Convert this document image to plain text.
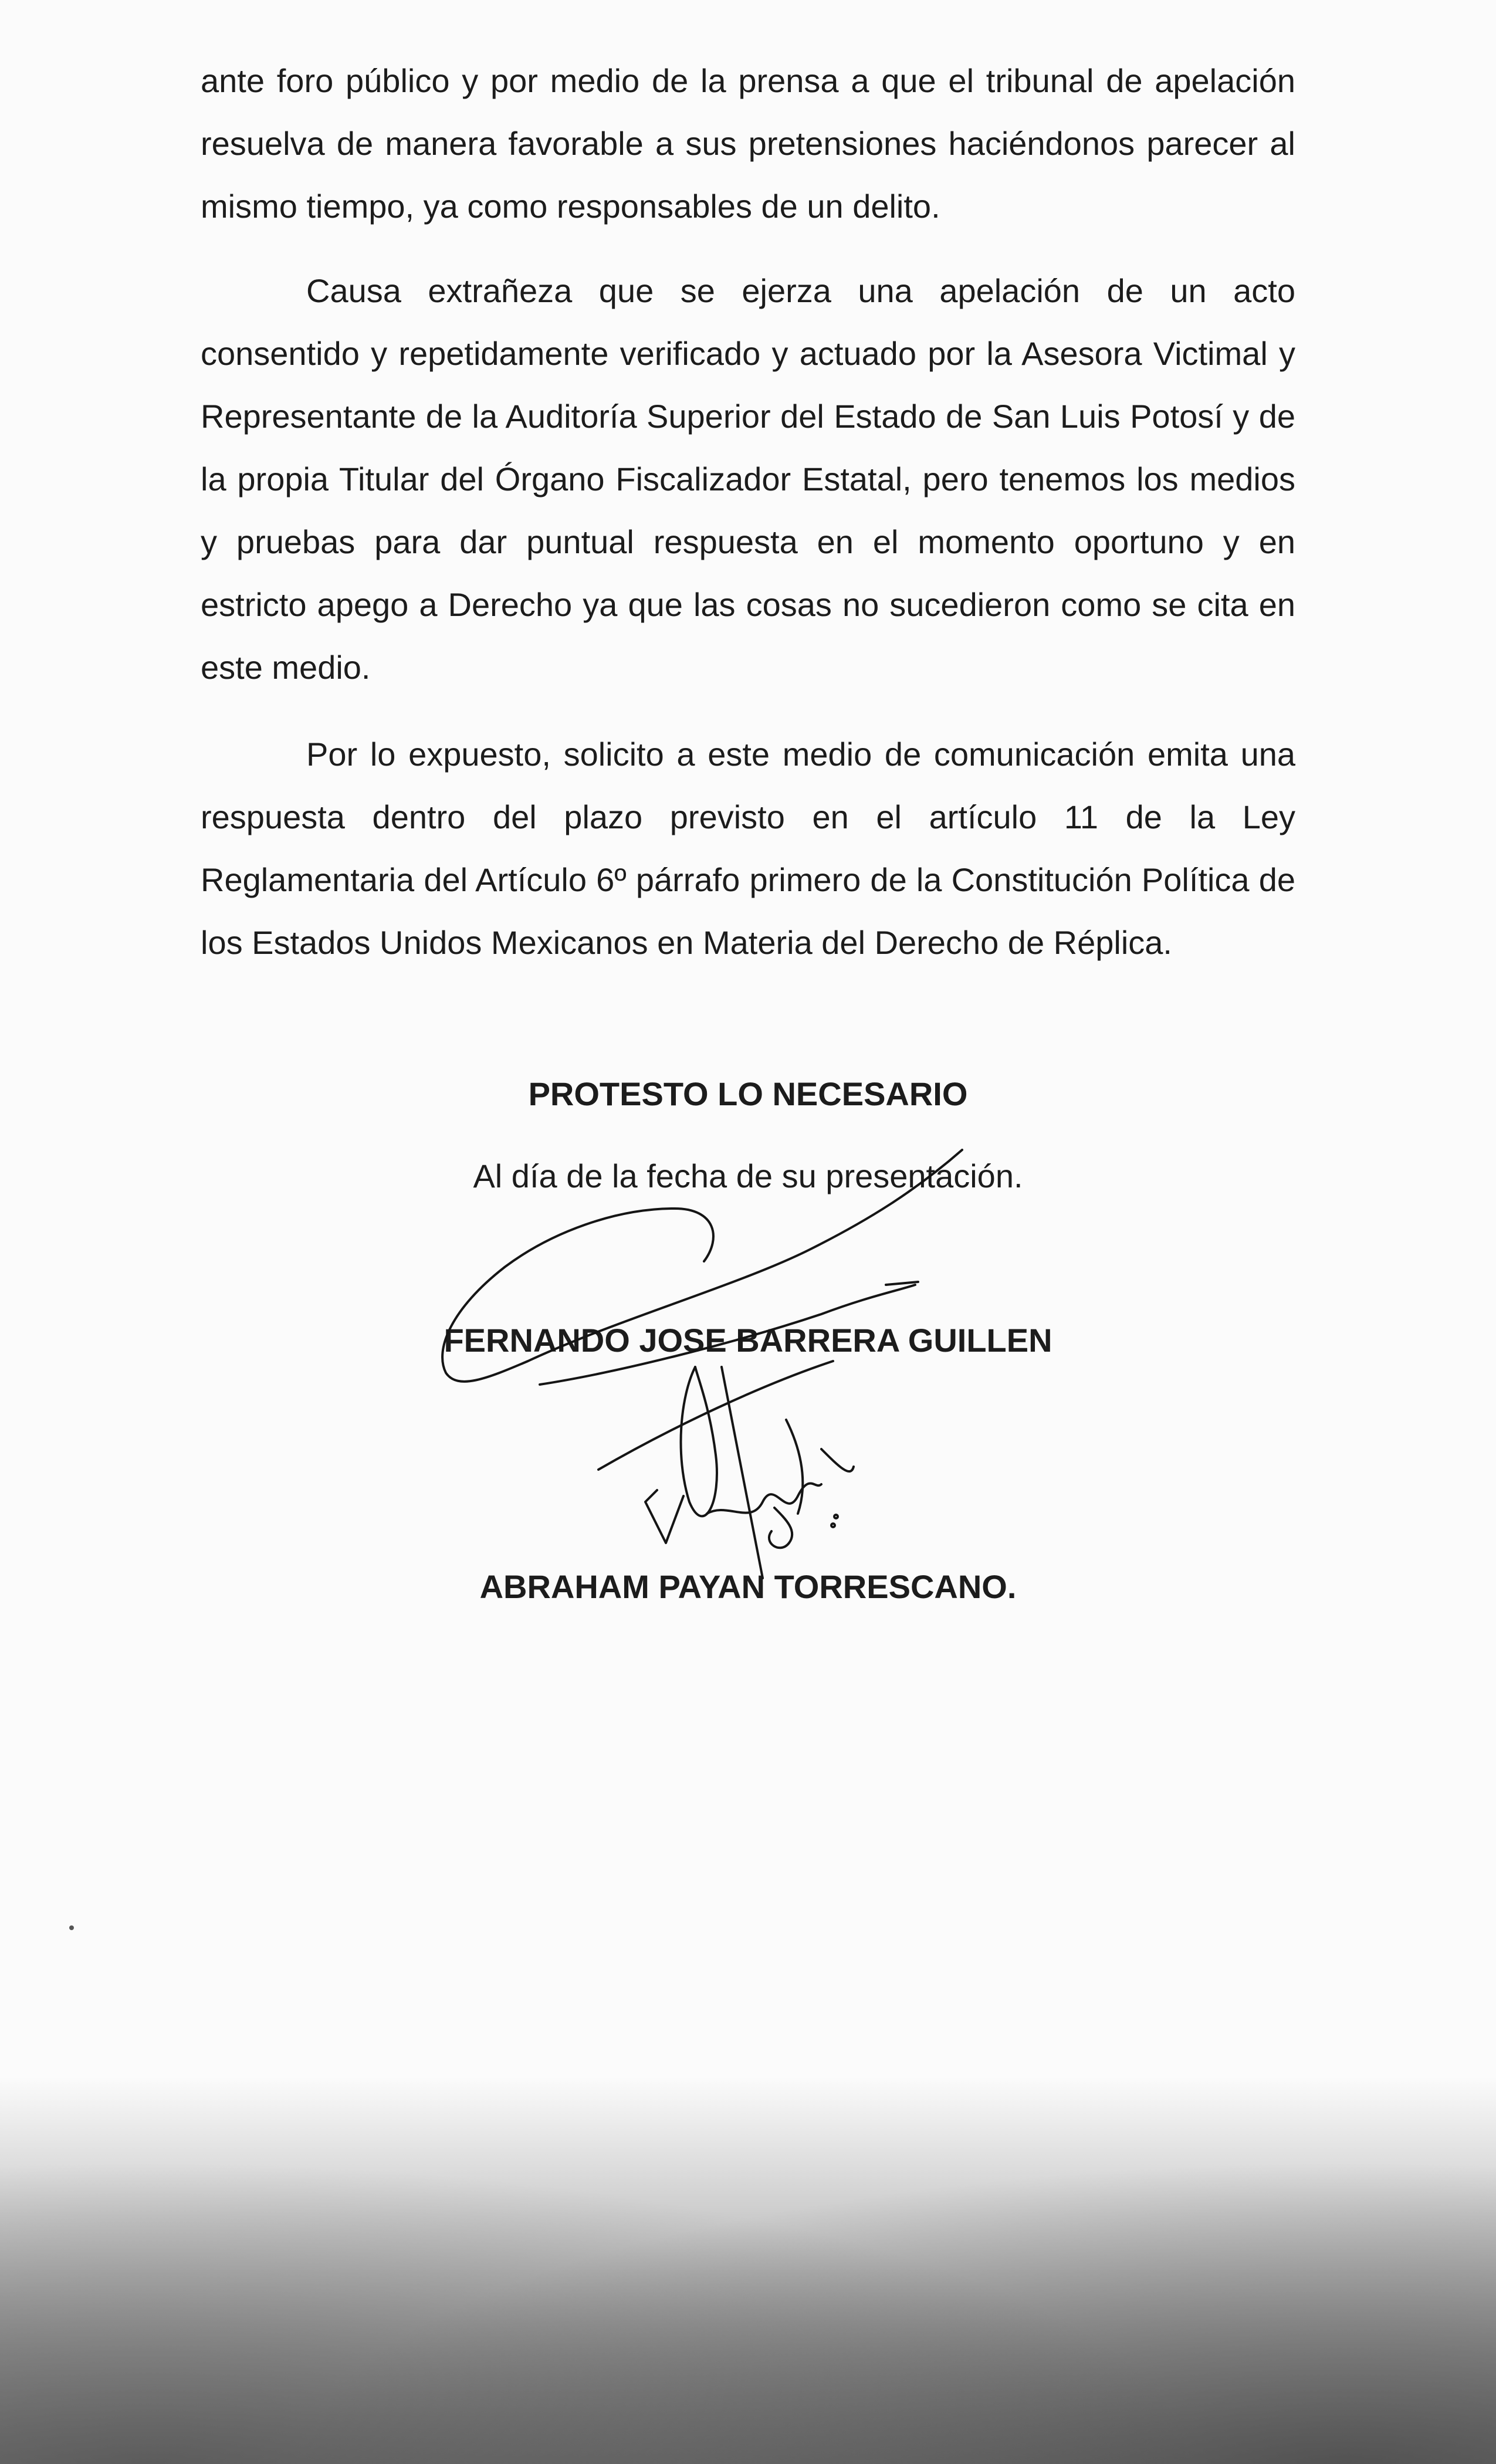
ante foro público y por medio de la prensa a que el tribunal de apelación resuelva de manera favorable a sus pretensiones haciéndonos parecer al mismo tiempo, ya como responsables de un delito.

Causa extrañeza que se ejerza una apelación de un acto consentido y repetidamente verificado y actuado por la Asesora Victimal y Representante de la Auditoría Superior del Estado de San Luis Potosí y de la propia Titular del Órgano Fiscalizador Estatal, pero tenemos los medios y pruebas para dar puntual respuesta en el momento oportuno y en estricto apego a Derecho ya que las cosas no sucedieron como se cita en este medio.

Por lo expuesto, solicito a este medio de comunicación emita una respuesta dentro del plazo previsto en el artículo 11 de la Ley Reglamentaria del Artículo 6º párrafo primero de la Constitución Política de los Estados Unidos Mexicanos en Materia del Derecho de Réplica.

PROTESTO LO NECESARIO

Al día de la fecha de su presentación.

FERNANDO JOSE BARRERA GUILLEN

ABRAHAM PAYAN TORRESCANO.
